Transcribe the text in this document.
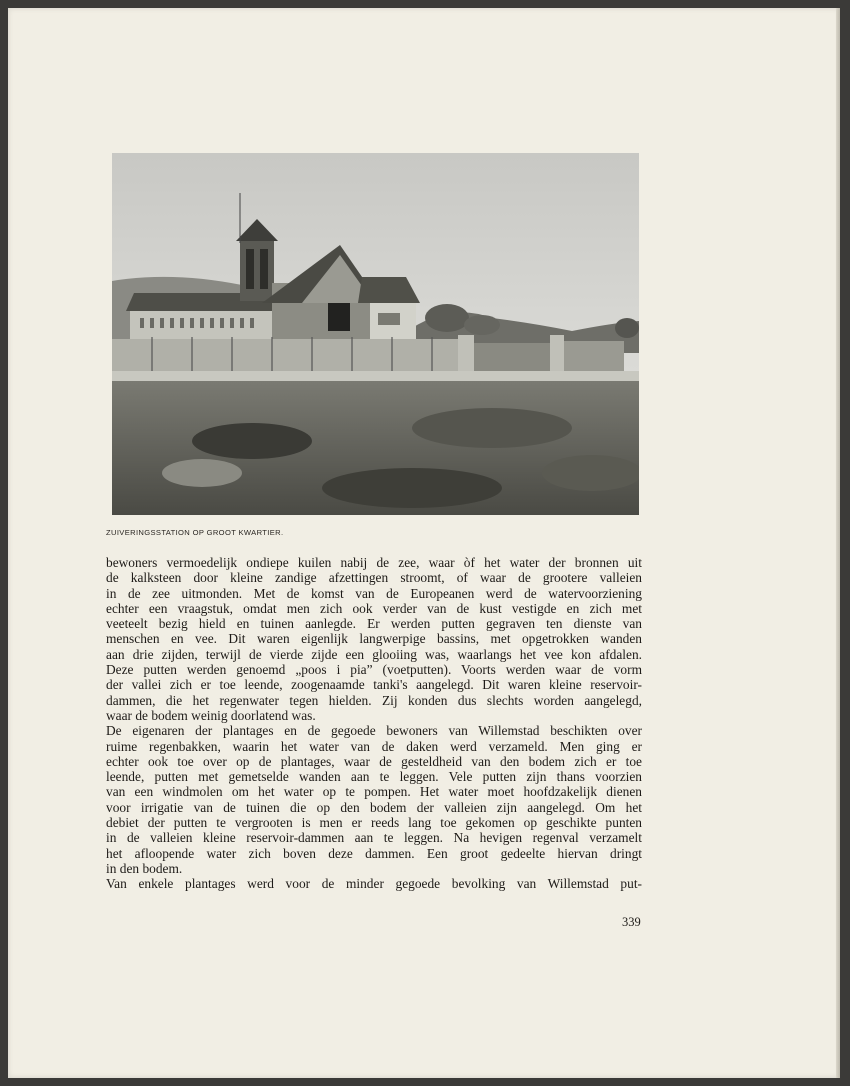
ZUIVERINGSSTATION OP GROOT KWARTIER.
bewoners vermoedelijk ondiepe kuilen nabij de zee, waar òf het water der bronnen uit
de kalksteen door kleine zandige afzettingen stroomt, of waar de grootere valleien
in de zee uitmonden. Met de komst van de Europeanen werd de watervoorziening
echter een vraagstuk, omdat men zich ook verder van de kust vestigde en zich met
veeteelt bezig hield en tuinen aanlegde. Er werden putten gegraven ten dienste van
menschen en vee. Dit waren eigenlijk langwerpige bassins, met opgetrokken wanden
aan drie zijden, terwijl de vierde zijde een glooiing was, waarlangs het vee kon afdalen.
Deze putten werden genoemd „poos i pia” (voetputten). Voorts werden waar de vorm
der vallei zich er toe leende, zoogenaamde tanki's aangelegd. Dit waren kleine reservoir-
dammen, die het regenwater tegen hielden. Zij konden dus slechts worden aangelegd,
waar de bodem weinig doorlatend was.
De eigenaren der plantages en de gegoede bewoners van Willemstad beschikten over
ruime regenbakken, waarin het water van de daken werd verzameld. Men ging er
echter ook toe over op de plantages, waar de gesteldheid van den bodem zich er toe
leende, putten met gemetselde wanden aan te leggen. Vele putten zijn thans voorzien
van een windmolen om het water op te pompen. Het water moet hoofdzakelijk dienen
voor irrigatie van de tuinen die op den bodem der valleien zijn aangelegd. Om het
debiet der putten te vergrooten is men er reeds lang toe gekomen op geschikte punten
in de valleien kleine reservoir-dammen aan te leggen. Na hevigen regenval verzamelt
het afloopende water zich boven deze dammen. Een groot gedeelte hiervan dringt
in den bodem.
Van enkele plantages werd voor de minder gegoede bevolking van Willemstad put-
339
